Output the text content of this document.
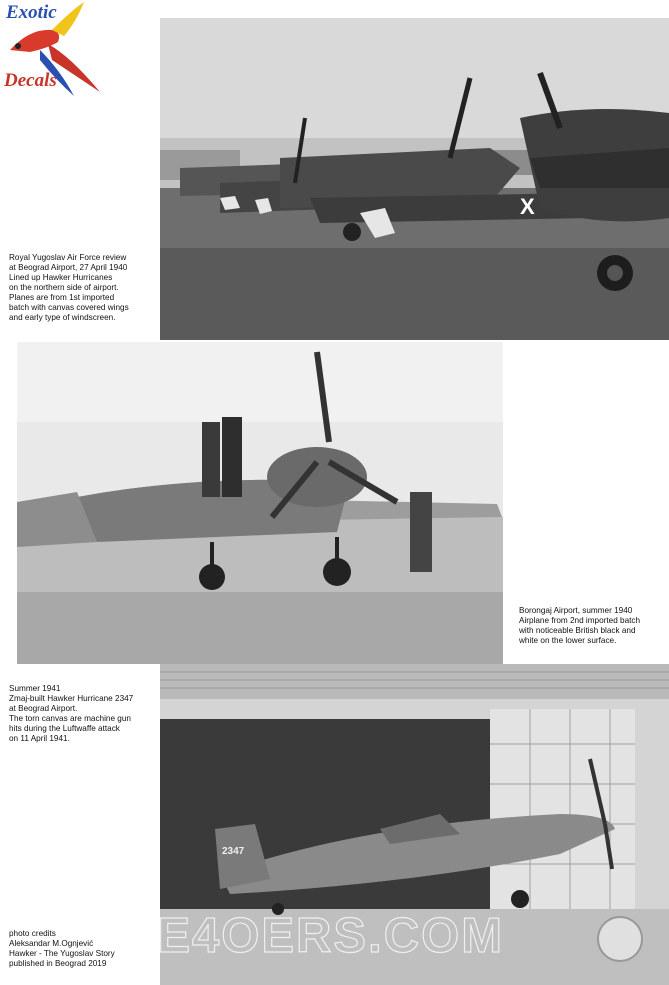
Exotic
Decals
X
Royal Yugoslav Air Force review
at Beograd Airport, 27 April 1940
Lined up Hawker Hurricanes
on the northern side of airport.
Planes are from 1st imported
batch with canvas covered wings
and early type of windscreen.
Borongaj Airport, summer 1940
Airplane from 2nd imported batch
with noticeable British black and
white on the lower surface.
Summer 1941
Zmaj-built Hawker Hurricane 2347
at Beograd Airport.
The torn canvas are machine gun
hits during the Luftwaffe attack
on 11 April 1941.
2347
THE4OERS.COM
photo credits
Aleksandar M.Ognjević
Hawker - The Yugoslav Story
published in Beograd 2019
